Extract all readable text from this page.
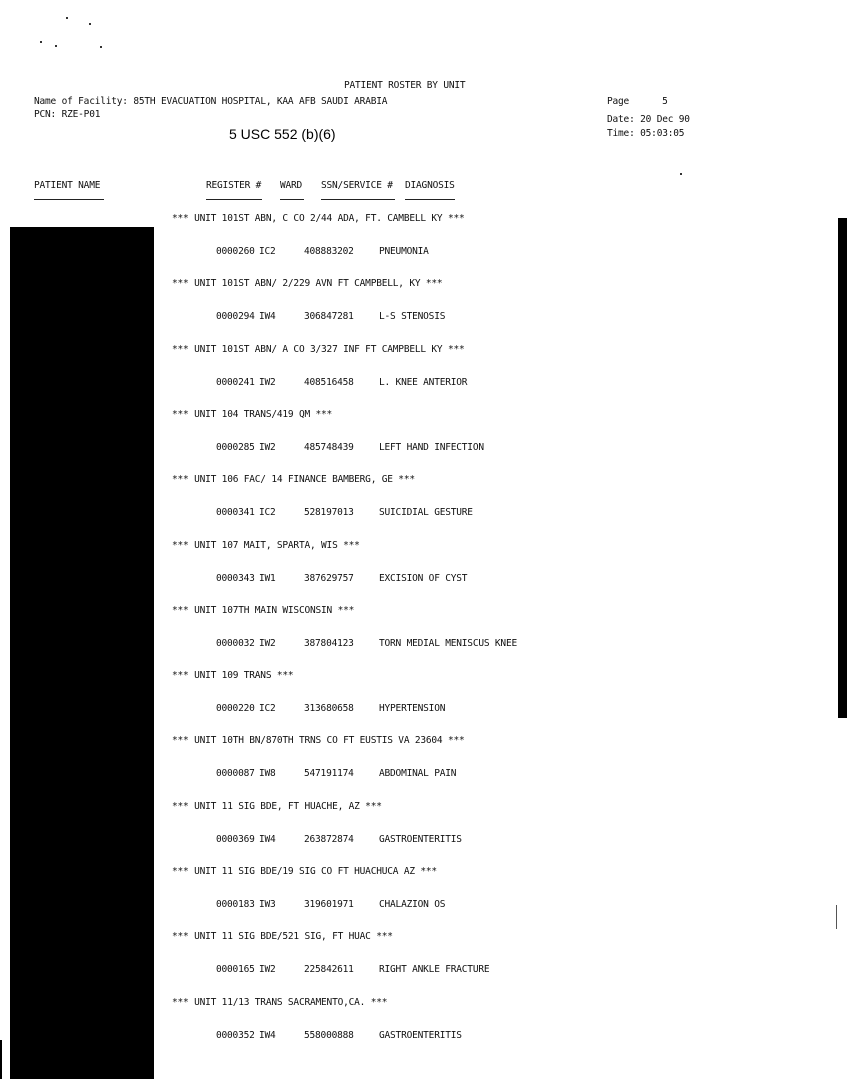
PATIENT ROSTER BY UNIT
Name of Facility: 85TH EVACUATION HOSPITAL, KAA AFB SAUDI ARABIA
PCN: RZE-P01
5 USC 552 (b)(6)
Page	5
Date: 20 Dec 90
Time: 05:03:05
PATIENT NAME	REGISTER # WARD SSN/SERVICE # DIAGNOSIS
*** UNIT 101ST ABN, C CO 2/44 ADA, FT. CAMBELL KY ***
0000260 IC2	408883202	PNEUMONIA
*** UNIT 101ST ABN/ 2/229 AVN FT CAMPBELL, KY ***
0000294 IW4	306847281	L-S STENOSIS
*** UNIT 101ST ABN/ A CO 3/327 INF FT CAMPBELL KY ***
0000241 IW2	408516458	L. KNEE ANTERIOR
*** UNIT 104 TRANS/419 QM ***
0000285 IW2	485748439	LEFT HAND INFECTION
*** UNIT 106 FAC/ 14 FINANCE BAMBERG, GE ***
0000341 IC2	528197013	SUICIDIAL GESTURE
*** UNIT 107 MAIT, SPARTA, WIS ***
0000343 IW1	387629757	EXCISION OF CYST
*** UNIT 107TH MAIN WISCONSIN ***
0000032 IW2	387804123	TORN MEDIAL MENISCUS KNEE
*** UNIT 109 TRANS ***
0000220 IC2	313680658	HYPERTENSION
*** UNIT 10TH BN/870TH TRNS CO FT EUSTIS VA 23604 ***
0000087 IW8	547191174	ABDOMINAL PAIN
*** UNIT 11 SIG BDE, FT HUACHE, AZ ***
0000369 IW4	263872874	GASTROENTERITIS
*** UNIT 11 SIG BDE/19 SIG CO FT HUACHUCA AZ ***
0000183 IW3	319601971	CHALAZION OS
*** UNIT 11 SIG BDE/521 SIG, FT HUAC ***
0000165 IW2	225842611	RIGHT ANKLE FRACTURE
*** UNIT 11/13 TRANS SACRAMENTO,CA. ***
0000352 IW4	558000888	GASTROENTERITIS
